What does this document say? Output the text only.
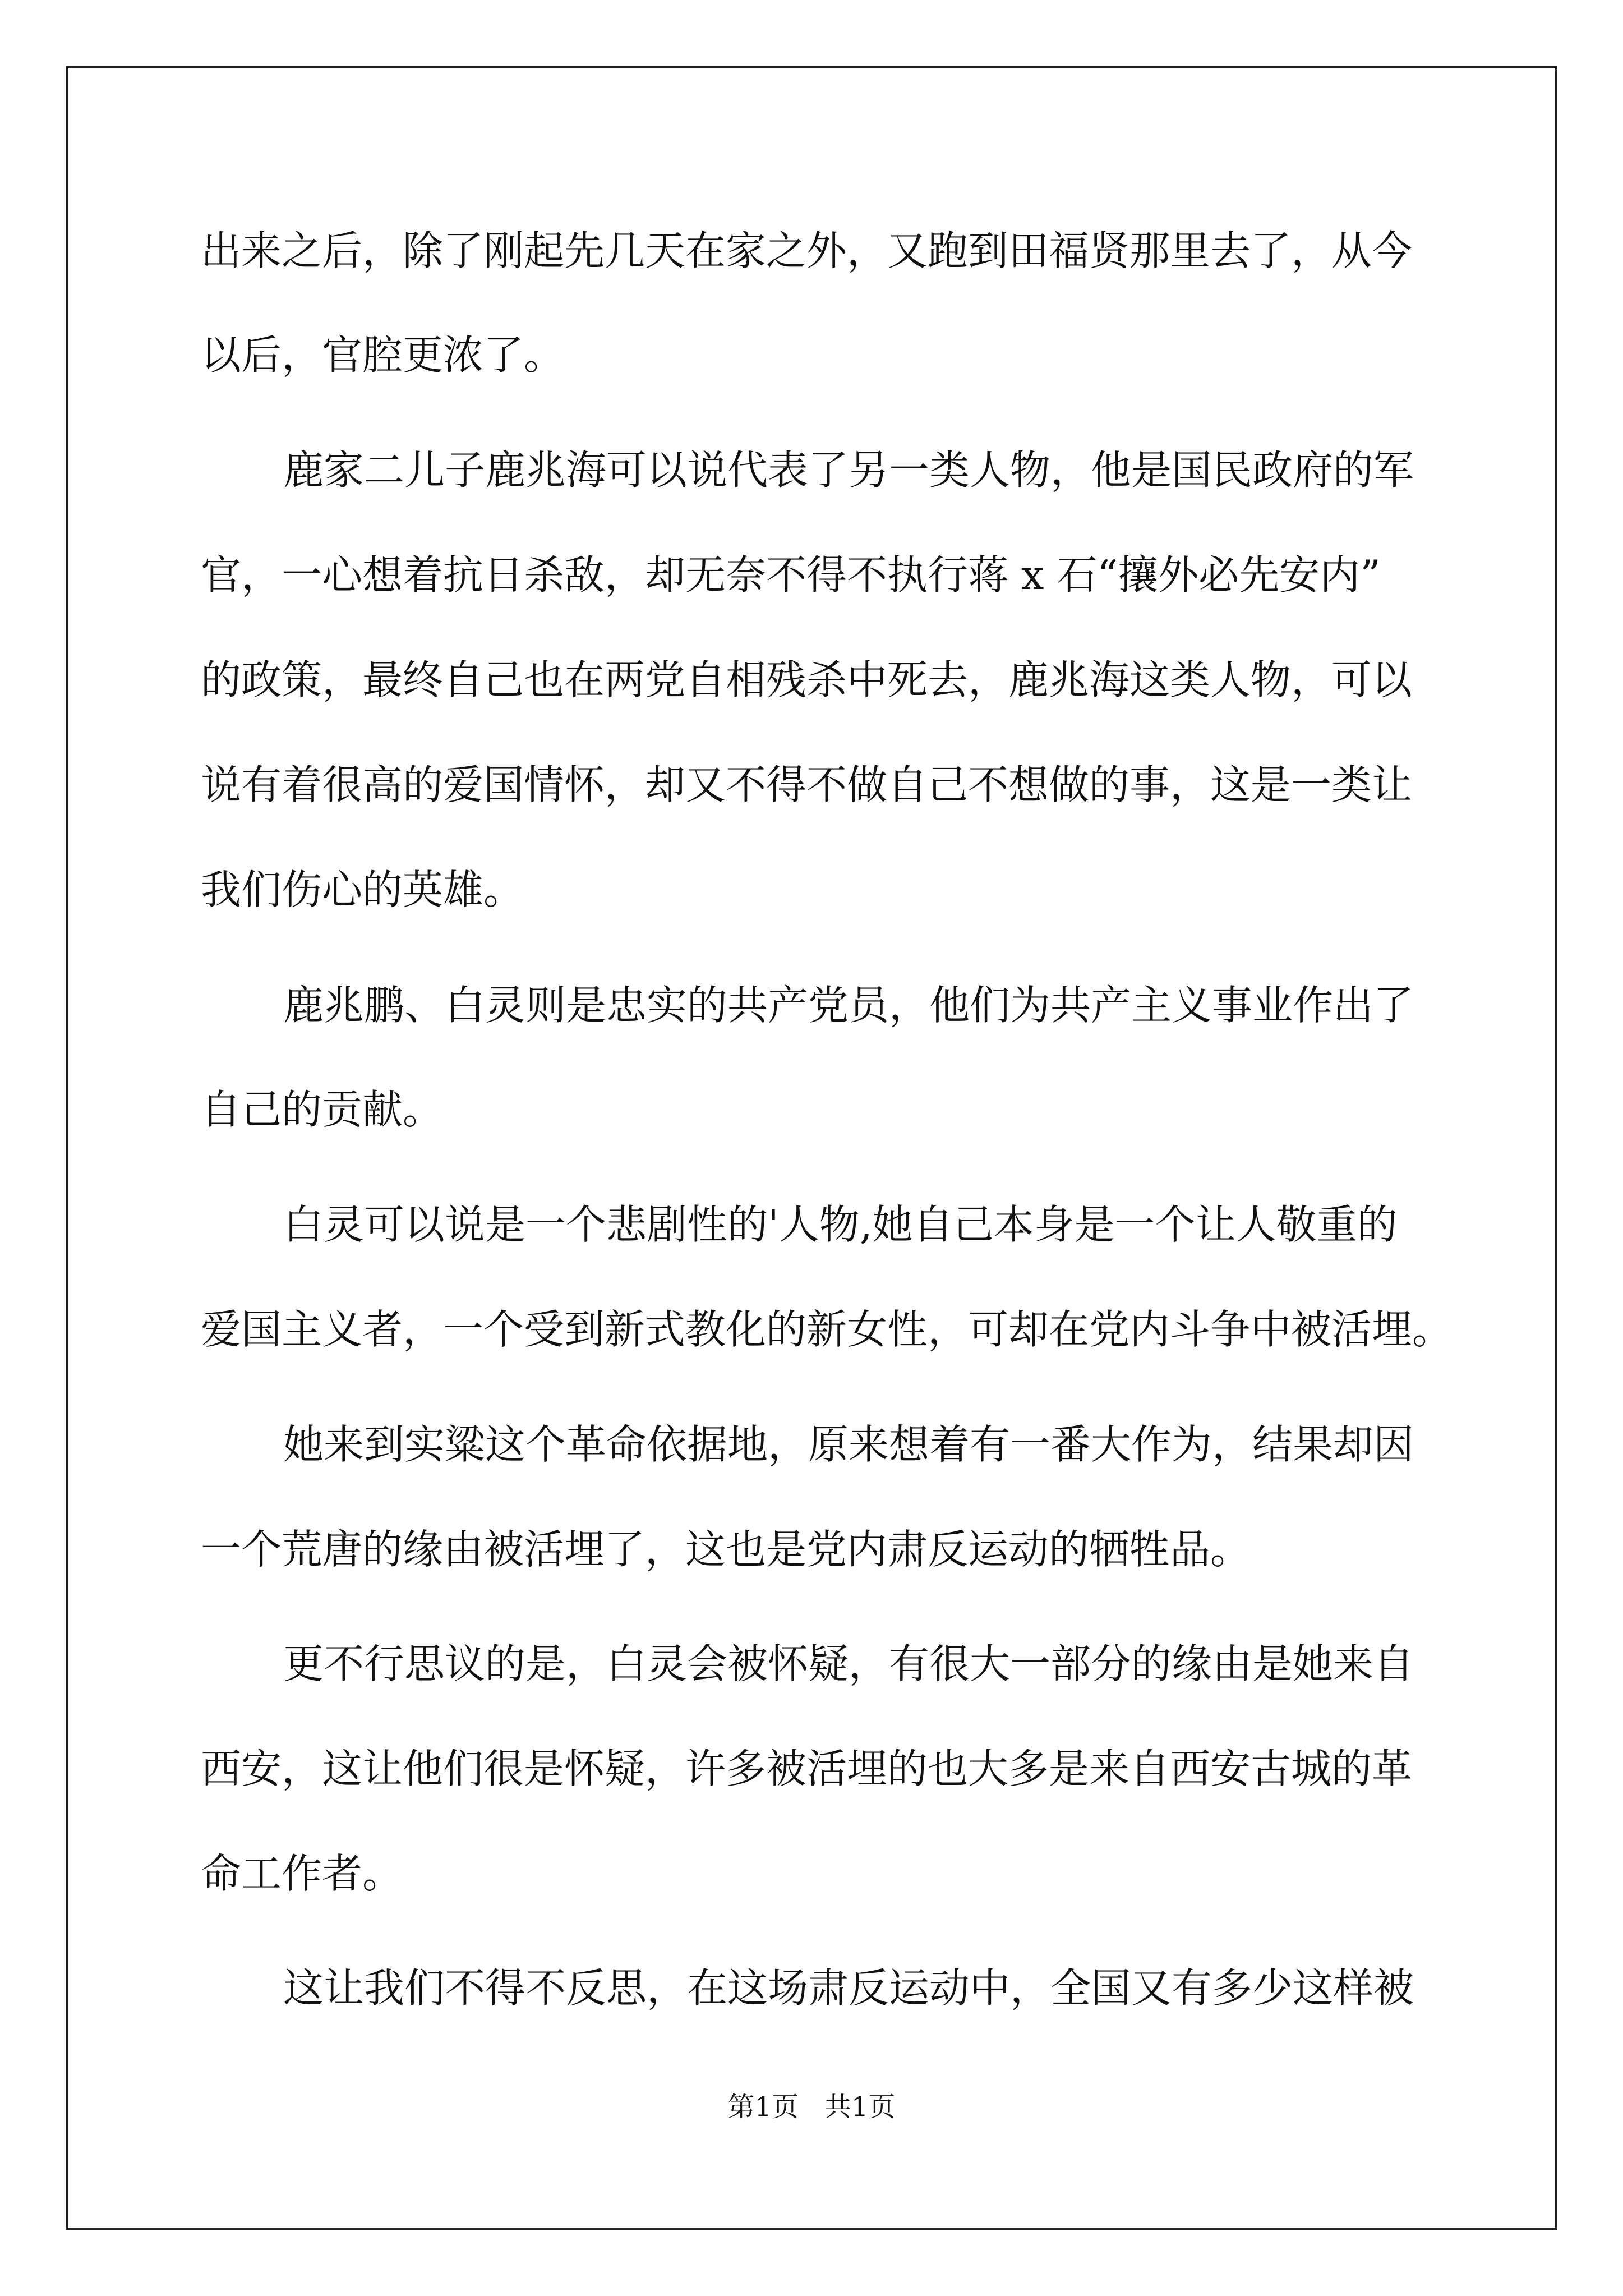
出来之后，除了刚起先几天在家之外，又跑到田福贤那里去了，从今

以后，官腔更浓了。

鹿家二儿子鹿兆海可以说代表了另一类人物，他是国民政府的军

官，一心想着抗日杀敌，却无奈不得不执行蒋 x 石“攘外必先安内”

的政策，最终自己也在两党自相残杀中死去，鹿兆海这类人物，可以

说有着很高的爱国情怀，却又不得不做自己不想做的事，这是一类让

我们伤心的英雄。

鹿兆鹏、白灵则是忠实的共产党员，他们为共产主义事业作出了

自己的贡献。

白灵可以说是一个悲剧性的'人物,她自己本身是一个让人敬重的

爱国主义者，一个受到新式教化的新女性，可却在党内斗争中被活埋。

她来到实粱这个革命依据地，原来想着有一番大作为，结果却因

一个荒唐的缘由被活埋了，这也是党内肃反运动的牺牲品。

更不行思议的是，白灵会被怀疑，有很大一部分的缘由是她来自

西安，这让他们很是怀疑，许多被活埋的也大多是来自西安古城的革

命工作者。

这让我们不得不反思，在这场肃反运动中，全国又有多少这样被

第1页   共1页
